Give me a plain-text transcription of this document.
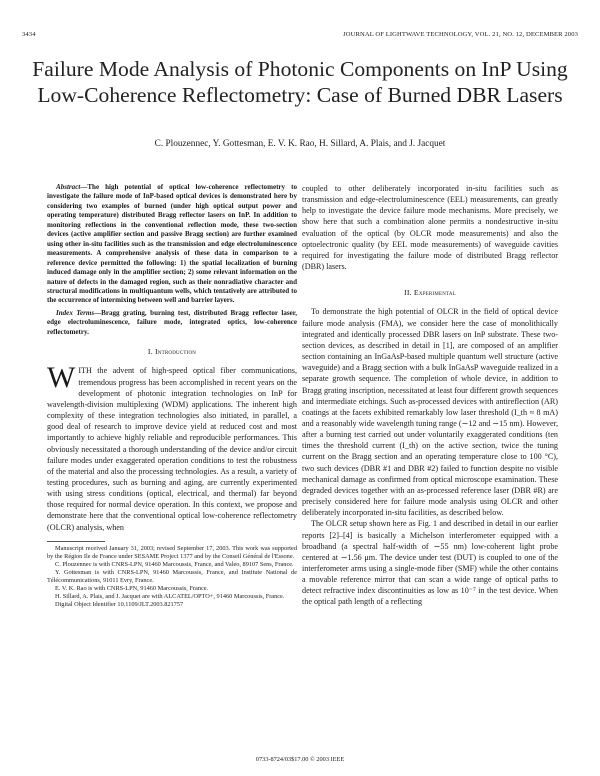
3434	JOURNAL OF LIGHTWAVE TECHNOLOGY, VOL. 21, NO. 12, DECEMBER 2003
Failure Mode Analysis of Photonic Components on InP Using Low-Coherence Reflectometry: Case of Burned DBR Lasers
C. Plouzennec, Y. Gottesman, E. V. K. Rao, H. Sillard, A. Plais, and J. Jacquet

Abstract—The high potential of optical low-coherence reflectometry to investigate the failure mode of InP-based optical devices is demonstrated here by considering two examples of burned (under high optical output power and operating temperature) distributed Bragg reflector lasers on InP. In addition to monitoring reflections in the conventional reflection mode, these two-section devices (active amplifier section and passive Bragg section) are further examined using other in-situ facilities such as the transmission and edge electroluminescence measurements. A comprehensive analysis of these data in comparison to a reference device permitted the following: 1) the spatial localization of burning induced damage only in the amplifier section; 2) some relevant information on the nature of defects in the damaged region, such as their nonradiative character and structural modifications in multiquantum wells, which tentatively are attributed to the occurrence of intermixing between well and barrier layers.

Index Terms—Bragg grating, burning test, distributed Bragg reflector laser, edge electroluminescence, failure mode, integrated optics, low-coherence reflectometry.

I. Introduction

WITH the advent of high-speed optical fiber communications, tremendous progress has been accomplished in recent years on the development of photonic integration technologies on InP for wavelength-division multiplexing (WDM) applications. The inherent high complexity of these integration technologies also initiated, in parallel, a good deal of research to improve device yield at reduced cost and most importantly to achieve highly reliable and reproducible performances. This obviously necessitated a thorough understanding of the device and/or circuit failure modes under exaggerated operation conditions to test the robustness of the material and also the processing technologies. As a result, a variety of testing procedures, such as burning and aging, are currently experimented with using stress conditions (optical, electrical, and thermal) far beyond those required for normal device operation. In this context, we propose and demonstrate here that the conventional optical low-coherence reflectometry (OLCR) analysis, when

Manuscript received January 31, 2003; revised September 17, 2003. This work was supported by the Région Ile de France under SESAME Project 1377 and by the Conseil Général de l'Essone.

C. Plouzennec is with CNRS-LPN, 91460 Marcoussis, France, and Valeo, 89107 Sens, France.

Y. Gottesman is with CNRS-LPN, 91460 Marcoussis, France, and Institute National de Télécommunications, 91011 Evry, France.

E. V. K. Rao is with CNRS-LPN, 91460 Marcoussis, France.

H. Sillard, A. Plais, and J. Jacquet are with ALCATEL/OPTO+, 91460 Marcoussis, France.

Digital Object Identifier 10.1109/JLT.2003.821757

coupled to other deliberately incorporated in-situ facilities such as transmission and edge-electroluminescence (EEL) measurements, can greatly help to investigate the device failure mode mechanisms. More precisely, we show here that such a combination alone permits a nondestructive in-situ evaluation of the optical (by OLCR mode measurements) and also the optoelectronic quality (by EEL mode measurements) of waveguide cavities required for investigating the failure mode of distributed Bragg reflector (DBR) lasers.

II. Experimental

To demonstrate the high potential of OLCR in the field of optical device failure mode analysis (FMA), we consider here the case of monolithically integrated and identically processed DBR lasers on InP substrate. These two-section devices, as described in detail in [1], are composed of an amplifier section containing an InGaAsP-based multiple quantum well structure (active waveguide) and a Bragg section with a bulk InGaAsP waveguide realized in a separate growth sequence. The completion of whole device, in addition to Bragg grating inscription, necessitated at least four different growth sequences and intermediate etchings. Such as-processed devices with antireflection (AR) coatings at the facets exhibited remarkably low laser threshold (I_th ≈ 8 mA) and a reasonably wide wavelength tuning range (∼12 and ∼15 nm). However, after a burning test carried out under voluntarily exaggerated conditions (ten times the threshold current (I_th) on the active section, twice the tuning current on the Bragg section and an operating temperature close to 100 °C), two such devices (DBR #1 and DBR #2) failed to function despite no visible mechanical damage as confirmed from optical microscope examination. These degraded devices together with an as-processed reference laser (DBR #R) are precisely considered here for failure mode analysis using OLCR and other deliberately incorporated in-situ facilities, as described below.

The OLCR setup shown here as Fig. 1 and described in detail in our earlier reports [2]–[4] is basically a Michelson interferometer equipped with a broadband (a spectral half-width of ∼55 nm) low-coherent light probe centered at ∼1.56 μm. The device under test (DUT) is coupled to one of the interferometer arms using a single-mode fiber (SMF) while the other contains a movable reference mirror that can scan a wide range of optical paths to detect refractive index discontinuities as low as 10⁻⁷ in the test device. When the optical path length of a reflecting

0733-8724/03$17.00 © 2003 IEEE
